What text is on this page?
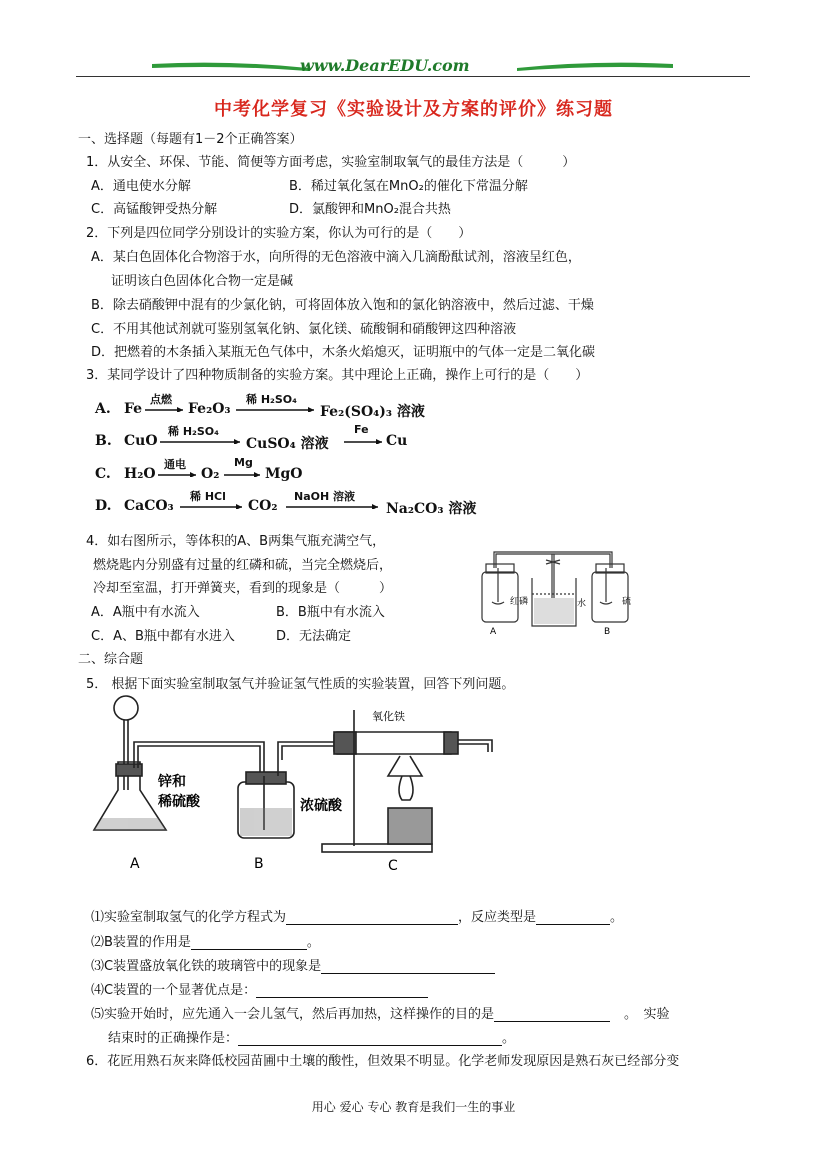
www.DearEDU.com
中考化学复习《实验设计及方案的评价》练习题
一、选择题（每题有1－2个正确答案）
1．从安全、环保、节能、简便等方面考虑，实验室制取氧气的最佳方法是（　　　）
A．通电使水分解	B．稀过氧化氢在MnO₂的催化下常温分解
C．高锰酸钾受热分解	D．氯酸钾和MnO₂混合共热
2．下列是四位同学分别设计的实验方案，你认为可行的是（　　）
A．某白色固体化合物溶于水，向所得的无色溶液中滴入几滴酚酞试剂，溶液呈红色，
证明该白色固体化合物一定是碱
B．除去硝酸钾中混有的少氯化钠，可将固体放入饱和的氯化钠溶液中，然后过滤、干燥
C．不用其他试剂就可鉴别氢氧化钠、氯化镁、硫酸铜和硝酸钾这四种溶液
D．把燃着的木条插入某瓶无色气体中，木条火焰熄灭，证明瓶中的气体一定是二氧化碳
3．某同学设计了四种物质制备的实验方案。其中理论上正确，操作上可行的是（　　）
A. Fe
点燃
Fe₂O₃
稀 H₂SO₄
Fe₂(SO₄)₃ 溶液
B. CuO
稀 H₂SO₄
CuSO₄ 溶液
Fe
Cu
C. H₂O
通电
O₂
Mg
MgO
D. CaCO₃
稀 HCl
CO₂
NaOH 溶液
Na₂CO₃ 溶液
4．如右图所示，等体积的A、B两集气瓶充满空气，
燃烧匙内分别盛有过量的红磷和硫，当完全燃烧后，
冷却至室温，打开弹簧夹，看到的现象是（　　　）
A．A瓶中有水流入	B．B瓶中有水流入
C．A、B瓶中都有水进入	D．无法确定
红磷	水	硫
A	B
二、综合题
5． 根据下面实验室制取氢气并验证氢气性质的实验装置，回答下列问题。
氧化铁
锌和
稀硫酸	浓硫酸
A	B	C
⑴实验室制取氢气的化学方程式为	，反应类型是	。
⑵B装置的作用是	。
⑶C装置盛放氧化铁的玻璃管中的现象是
⑷C装置的一个显著优点是：
⑸实验开始时，应先通入一会儿氢气，然后再加热，这样操作的目的是	。　实验
结束时的正确操作是：	。
6．花匠用熟石灰来降低校园苗圃中土壤的酸性，但效果不明显。化学老师发现原因是熟石灰已经部分变
用心 爱心 专心 教育是我们一生的事业
